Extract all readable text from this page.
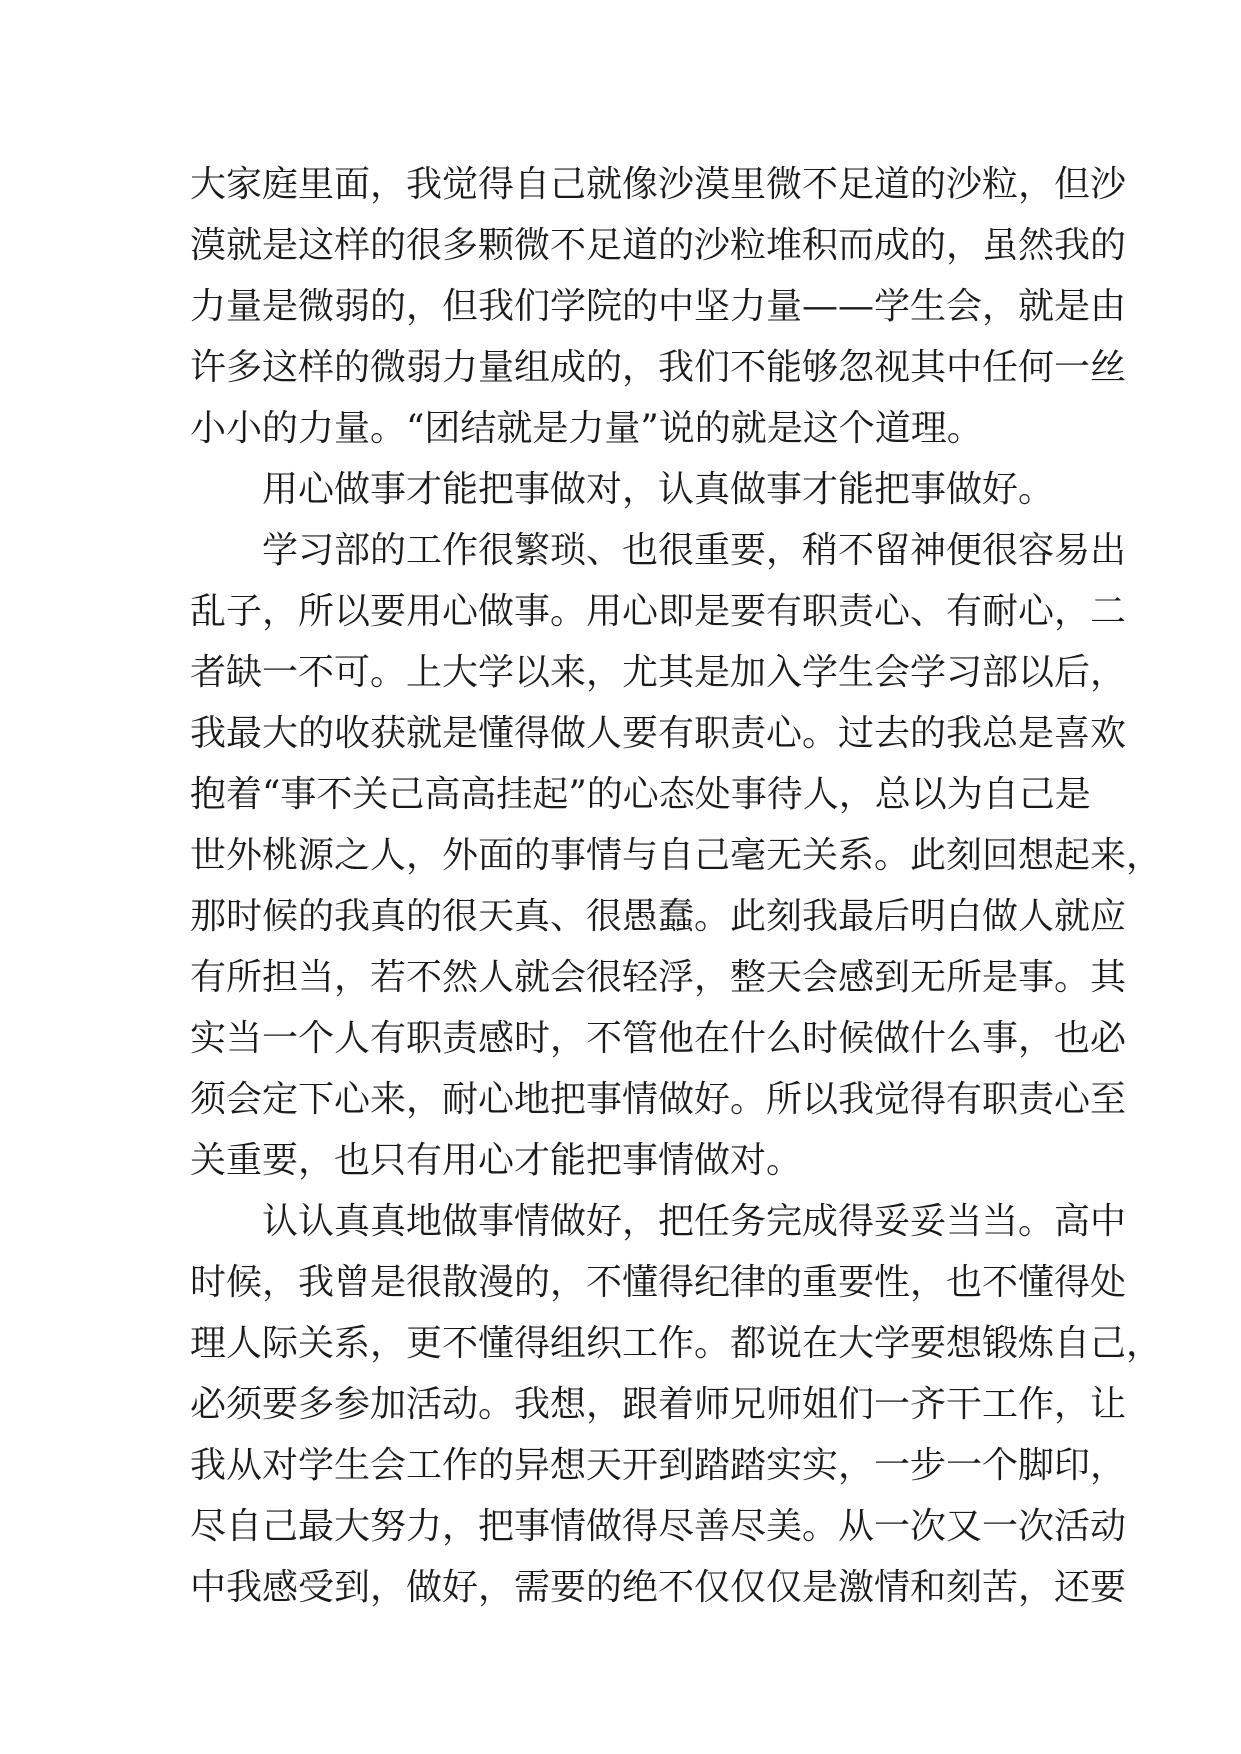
大家庭里面，我觉得自己就像沙漠里微不足道的沙粒，但沙
漠就是这样的很多颗微不足道的沙粒堆积而成的，虽然我的
力量是微弱的，但我们学院的中坚力量——学生会，就是由
许多这样的微弱力量组成的，我们不能够忽视其中任何一丝
小小的力量。“团结就是力量”说的就是这个道理。
用心做事才能把事做对，认真做事才能把事做好。
学习部的工作很繁琐、也很重要，稍不留神便很容易出
乱子，所以要用心做事。用心即是要有职责心、有耐心，二
者缺一不可。上大学以来，尤其是加入学生会学习部以后，
我最大的收获就是懂得做人要有职责心。过去的我总是喜欢
抱着“事不关己高高挂起”的心态处事待人，总以为自己是
世外桃源之人，外面的事情与自己毫无关系。此刻回想起来，
那时候的我真的很天真、很愚蠢。此刻我最后明白做人就应
有所担当，若不然人就会很轻浮，整天会感到无所是事。其
实当一个人有职责感时，不管他在什么时候做什么事，也必
须会定下心来，耐心地把事情做好。所以我觉得有职责心至
关重要，也只有用心才能把事情做对。
认认真真地做事情做好，把任务完成得妥妥当当。高中
时候，我曾是很散漫的，不懂得纪律的重要性，也不懂得处
理人际关系，更不懂得组织工作。都说在大学要想锻炼自己，
必须要多参加活动。我想，跟着师兄师姐们一齐干工作，让
我从对学生会工作的异想天开到踏踏实实，一步一个脚印，
尽自己最大努力，把事情做得尽善尽美。从一次又一次活动
中我感受到，做好，需要的绝不仅仅仅是激情和刻苦，还要
